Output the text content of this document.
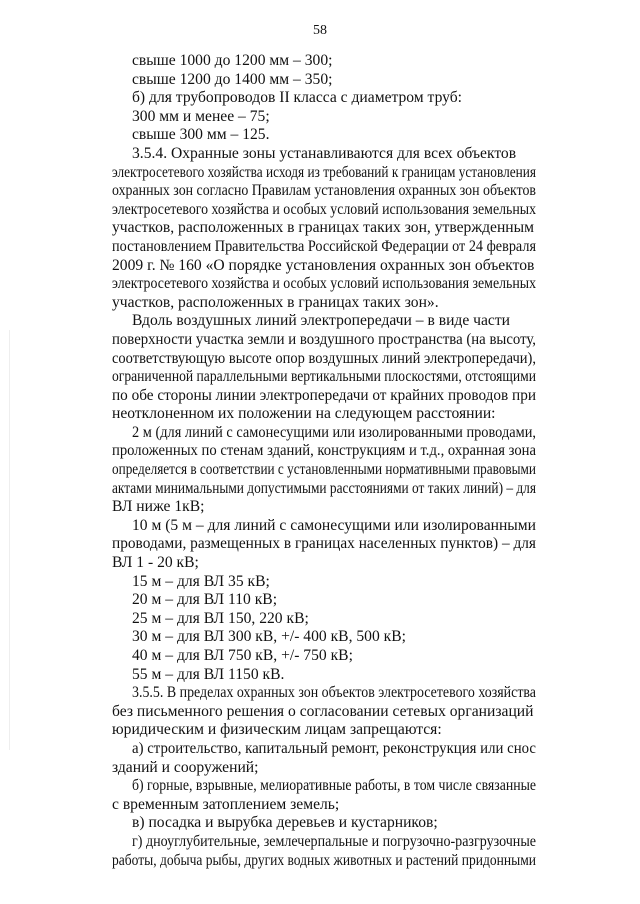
58
свыше 1000 до 1200 мм – 300;
свыше 1200 до 1400 мм – 350;
б) для трубопроводов II класса с диаметром труб:
300 мм и менее – 75;
свыше 300 мм – 125.
3.5.4. Охранные зоны устанавливаются для всех объектов
электросетевого хозяйства исходя из требований к границам установления
охранных зон согласно Правилам установления охранных зон объектов
электросетевого хозяйства и особых условий использования земельных
участков, расположенных в границах таких зон, утвержденным
постановлением Правительства Российской Федерации от 24 февраля
2009 г. № 160 «О порядке установления охранных зон объектов
электросетевого хозяйства и особых условий использования земельных
участков, расположенных в границах таких зон».
Вдоль воздушных линий электропередачи – в виде части
поверхности участка земли и воздушного пространства (на высоту,
соответствующую высоте опор воздушных линий электропередачи),
ограниченной параллельными вертикальными плоскостями, отстоящими
по обе стороны линии электропередачи от крайних проводов при
неотклоненном их положении на следующем расстоянии:
2 м (для линий с самонесущими или изолированными проводами,
проложенных по стенам зданий, конструкциям и т.д., охранная зона
определяется в соответствии с установленными нормативными правовыми
актами минимальными допустимыми расстояниями от таких линий) – для
ВЛ ниже 1кВ;
10 м (5 м – для линий с самонесущими или изолированными
проводами, размещенных в границах населенных пунктов) – для
ВЛ 1 - 20 кВ;
15 м – для ВЛ 35 кВ;
20 м – для ВЛ 110 кВ;
25 м – для ВЛ 150, 220 кВ;
30 м – для ВЛ 300 кВ, +/- 400 кВ, 500 кВ;
40 м – для ВЛ 750 кВ, +/- 750 кВ;
55 м – для ВЛ 1150 кВ.
3.5.5. В пределах охранных зон объектов электросетевого хозяйства
без письменного решения о согласовании сетевых организаций
юридическим и физическим лицам запрещаются:
а) строительство, капитальный ремонт, реконструкция или снос
зданий и сооружений;
б) горные, взрывные, мелиоративные работы, в том числе связанные
с временным затоплением земель;
в) посадка и вырубка деревьев и кустарников;
г) дноуглубительные, землечерпальные и погрузочно-разгрузочные
работы, добыча рыбы, других водных животных и растений придонными
